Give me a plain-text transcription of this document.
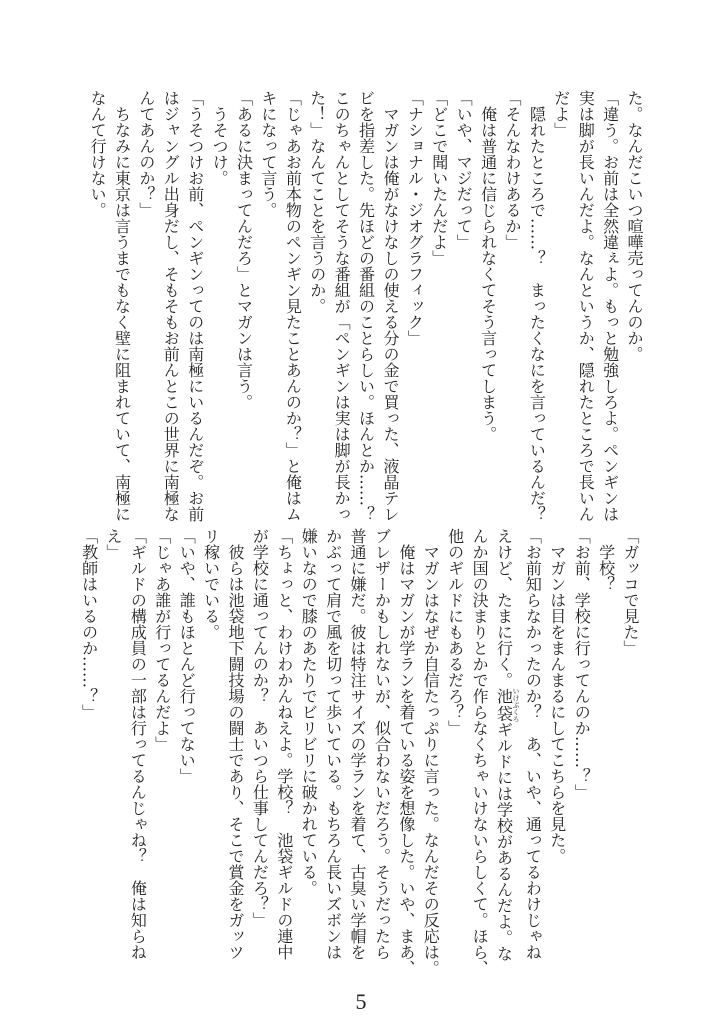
た。なんだこいつ喧嘩売ってんのか。
「違う。お前は全然違ぇよ。もっと勉強しろよ。ペンギンは
実は脚が長いんだよ。なんというか、隠れたところで長いん
だよ」
　隠れたところで……？　まったくなにを言っているんだ？
「そんなわけあるか」
　俺は普通に信じられなくてそう言ってしまう。
「いや、マジだって」
「どこで聞いたんだよ」
「ナショナル・ジオグラフィック」
　マガンは俺がなけなしの使える分の金で買った、液晶テレ
ビを指差した。先ほどの番組のことらしい。ほんとか……？
このちゃんとしてそうな番組が「ペンギンは実は脚が長かっ
た！」なんてことを言うのか。
「じゃあお前本物のペンギン見たことあんのか？」と俺はム
キになって言う。
「あるに決まってんだろ」とマガンは言う。
　うそつけ。
「うそつけお前、ペンギンってのは南極にいるんだぞ。お前
はジャングル出身だし、そもそもお前んとこの世界に南極な
んてあんのか？」
　ちなみに東京は言うまでもなく壁に阻まれていて、南極に
なんて行けない。
「ガッコで見た」
　学校？
「お前、学校に行ってんのか……？」
　マガンは目をまんまるにしてこちらを見た。
「お前知らなかったのか？　あ、いや、通ってるわけじゃね
えけど、たまに行く。池袋いけぶくろギルドには学校があるんだよ。な
んか国の決まりとかで作らなくちゃいけないらしくて。ほら、
他のギルドにもあるだろ？」
　マガンはなぜか自信たっぷりに言った。なんだその反応は。
　俺はマガンが学ランを着ている姿を想像した。いや、まあ、
ブレザーかもしれないが、似合わないだろう。そうだったら
普通に嫌だ。彼は特注サイズの学ランを着て、古臭い学帽を
かぶって肩で風を切って歩いている。もちろん長いズボンは
嫌いなので膝のあたりでビリビリに破かれている。
「ちょっと、わけわかんねえよ。学校？　池袋ギルドの連中
が学校に通ってんのか？　あいつら仕事してんだろ？」
　彼らは池袋地下闘技場の闘士であり、そこで賞金をガッツ
リ稼いでいる。
「いや、誰もほとんど行ってない」
「じゃあ誰が行ってるんだよ」
「ギルドの構成員の一部は行ってるんじゃね？　俺は知らね
え」
「教師はいるのか……？」
5
